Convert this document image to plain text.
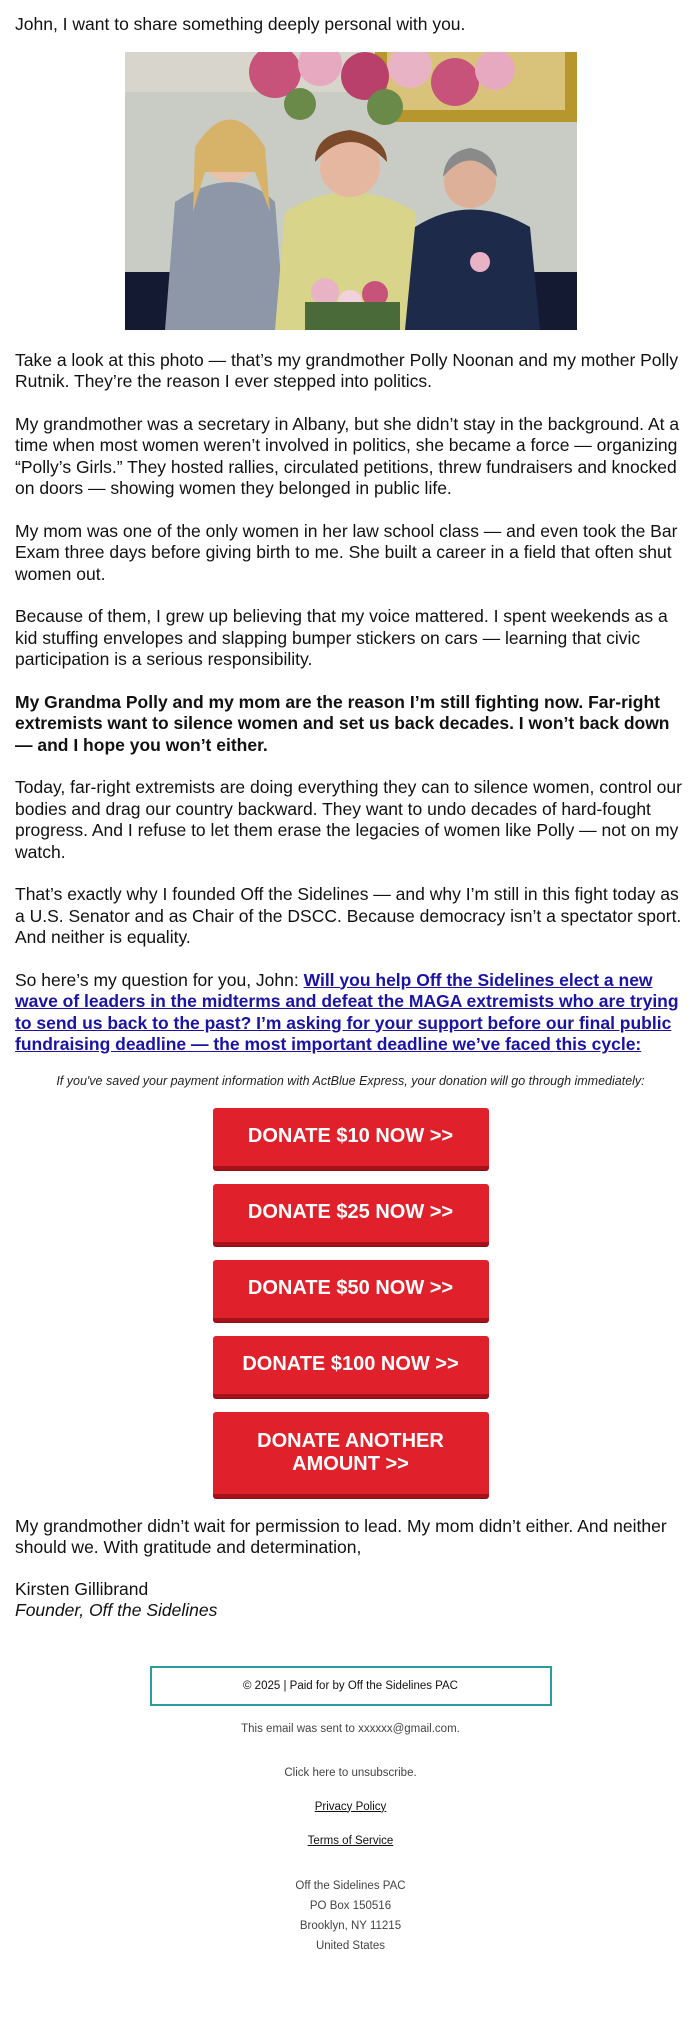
John, I want to share something deeply personal with you.

Take a look at this photo — that’s my grandmother Polly Noonan and my mother Polly Rutnik. They’re the reason I ever stepped into politics.

My grandmother was a secretary in Albany, but she didn’t stay in the background. At a time when most women weren’t involved in politics, she became a force — organizing “Polly’s Girls.” They hosted rallies, circulated petitions, threw fundraisers and knocked on doors — showing women they belonged in public life.

My mom was one of the only women in her law school class — and even took the Bar Exam three days before giving birth to me. She built a career in a field that often shut women out.

Because of them, I grew up believing that my voice mattered. I spent weekends as a kid stuffing envelopes and slapping bumper stickers on cars — learning that civic participation is a serious responsibility.

My Grandma Polly and my mom are the reason I’m still fighting now. Far-right extremists want to silence women and set us back decades. I won’t back down — and I hope you won’t either.

Today, far-right extremists are doing everything they can to silence women, control our bodies and drag our country backward. They want to undo decades of hard-fought progress. And I refuse to let them erase the legacies of women like Polly — not on my watch.

That’s exactly why I founded Off the Sidelines — and why I’m still in this fight today as a U.S. Senator and as Chair of the DSCC. Because democracy isn’t a spectator sport. And neither is equality.

So here’s my question for you, John: Will you help Off the Sidelines elect a new wave of leaders in the midterms and defeat the MAGA extremists who are trying to send us back to the past? I’m asking for your support before our final public fundraising deadline — the most important deadline we’ve faced this cycle:

If you've saved your payment information with ActBlue Express, your donation will go through immediately:

DONATE $10 NOW >>
DONATE $25 NOW >>
DONATE $50 NOW >>
DONATE $100 NOW >>
DONATE ANOTHER AMOUNT >>

My grandmother didn’t wait for permission to lead. My mom didn’t either. And neither should we. With gratitude and determination,

Kirsten Gillibrand

Founder, Off the Sidelines

© 2025 | Paid for by Off the Sidelines PAC

This email was sent to xxxxxx@gmail.com.

Click here to unsubscribe.

Privacy Policy

Terms of Service

Off the Sidelines PAC

PO Box 150516

Brooklyn, NY 11215

United States
